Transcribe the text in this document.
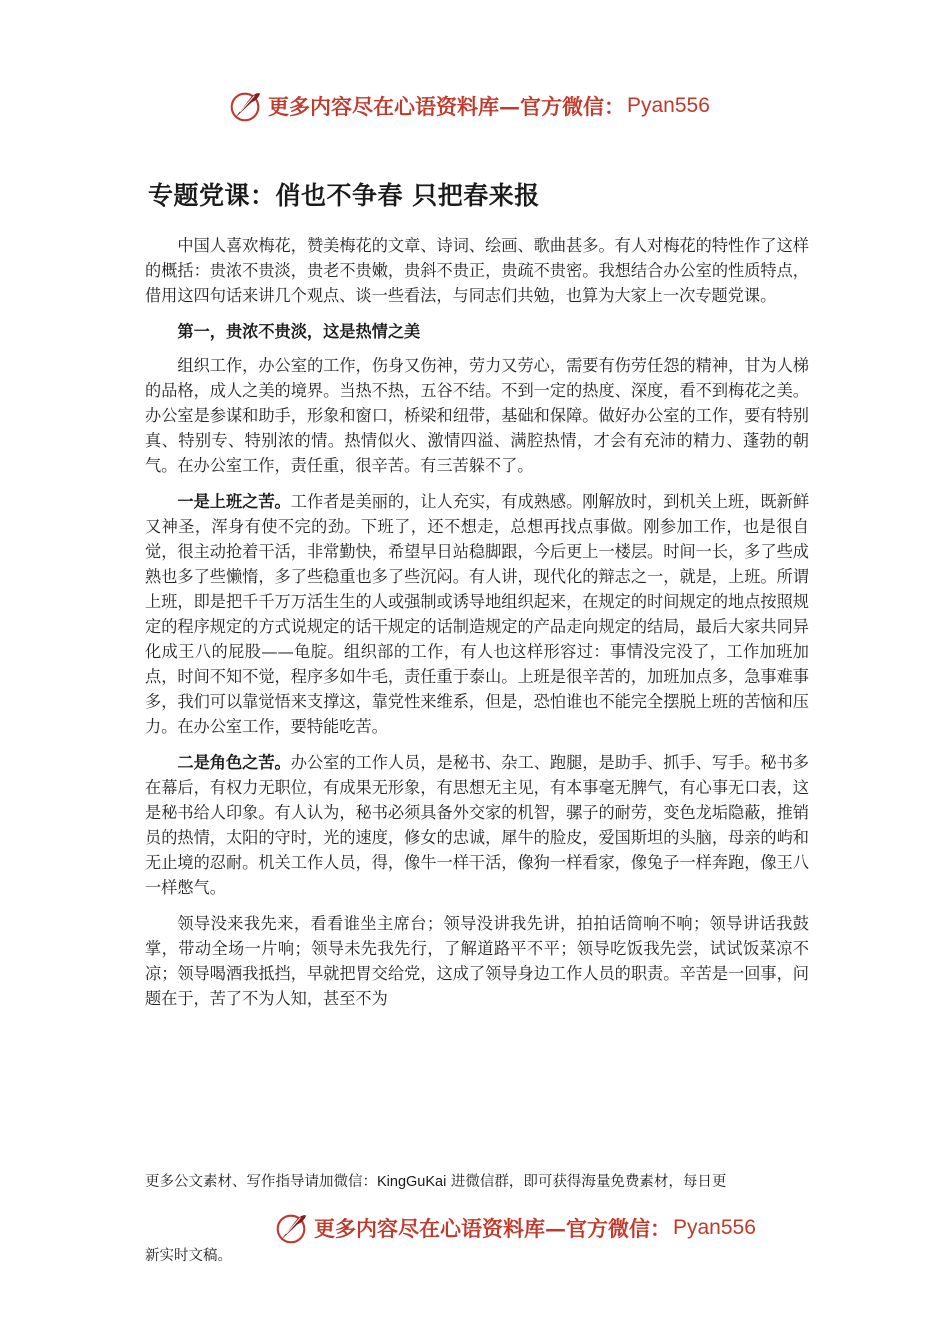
更多内容尽在心语资料库—官方微信： Pyan556
专题党课：俏也不争春 只把春来报

中国人喜欢梅花，赞美梅花的文章、诗词、绘画、歌曲甚多。有人对梅花的特性作了这样的概括：贵浓不贵淡，贵老不贵嫩，贵斜不贵正，贵疏不贵密。我想结合办公室的性质特点，借用这四句话来讲几个观点、谈一些看法，与同志们共勉，也算为大家上一次专题党课。

第一，贵浓不贵淡，这是热情之美

组织工作，办公室的工作，伤身又伤神，劳力又劳心，需要有伤劳任怨的精神，甘为人梯的品格，成人之美的境界。当热不热，五谷不结。不到一定的热度、深度，看不到梅花之美。办公室是参谋和助手，形象和窗口，桥梁和纽带，基础和保障。做好办公室的工作，要有特别真、特别专、特别浓的情。热情似火、激情四溢、满腔热情，才会有充沛的精力、蓬勃的朝气。在办公室工作，责任重，很辛苦。有三苦躲不了。

一是上班之苦。工作者是美丽的，让人充实，有成熟感。刚解放时，到机关上班，既新鲜又神圣，浑身有使不完的劲。下班了，还不想走，总想再找点事做。刚参加工作，也是很自觉，很主动抢着干活，非常勤快，希望早日站稳脚跟，今后更上一楼层。时间一长，多了些成熟也多了些懒惰，多了些稳重也多了些沉闷。有人讲，现代化的辩志之一，就是，上班。所谓上班，即是把千千万万活生生的人或强制或诱导地组织起来，在规定的时间规定的地点按照规定的程序规定的方式说规定的话干规定的话制造规定的产品走向规定的结局，最后大家共同异化成王八的屁股——龟腚。组织部的工作，有人也这样形容过：事情没完没了，工作加班加点，时间不知不觉，程序多如牛毛，责任重于泰山。上班是很辛苦的，加班加点多，急事难事多，我们可以靠觉悟来支撑这，靠党性来维系，但是，恐怕谁也不能完全摆脱上班的苦恼和压力。在办公室工作，要特能吃苦。

二是角色之苦。办公室的工作人员，是秘书、杂工、跑腿，是助手、抓手、写手。秘书多在幕后，有权力无职位，有成果无形象，有思想无主见，有本事毫无脾气，有心事无口表，这是秘书给人印象。有人认为，秘书必须具备外交家的机智，骡子的耐劳，变色龙垢隐蔽，推销员的热情，太阳的守时，光的速度，修女的忠诚，犀牛的脸皮，爱国斯坦的头脑，母亲的屿和无止境的忍耐。机关工作人员，得，像牛一样干活，像狗一样看家，像兔子一样奔跑，像王八一样憋气。

领导没来我先来，看看谁坐主席台；领导没讲我先讲，拍拍话筒响不响；领导讲话我鼓掌，带动全场一片响；领导未先我先行，了解道路平不平；领导吃饭我先尝，试试饭菜凉不凉；领导喝酒我抵挡，早就把胃交给党，这成了领导身边工作人员的职责。辛苦是一回事，问题在于，苦了不为人知，甚至不为

更多公文素材、写作指导请加微信：KingGuKai 进微信群，即可获得海量免费素材，每日更

更多内容尽在心语资料库—官方微信： Pyan556

新实时文稿。
